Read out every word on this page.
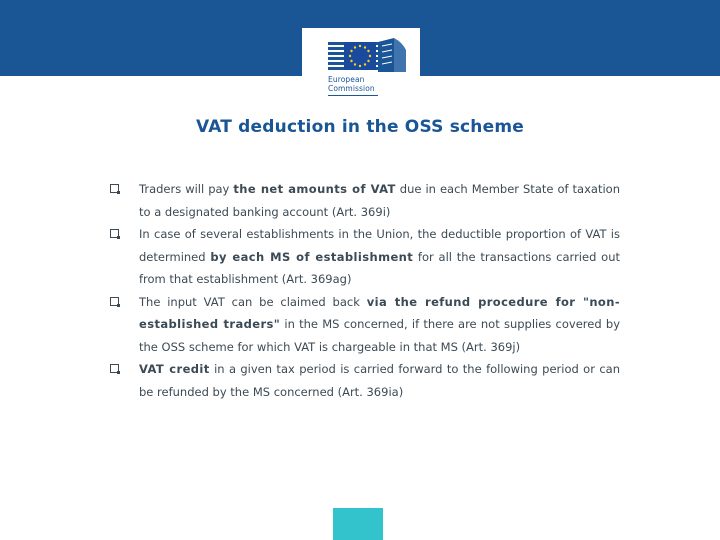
European
Commission
VAT deduction in the OSS scheme
Traders will pay the net amounts of VAT due in each Member State of taxation to a designated banking account (Art. 369i)
In case of several establishments in the Union, the deductible proportion of VAT is determined by each MS of establishment for all the transactions carried out from that establishment (Art. 369ag)
The input VAT can be claimed back via the refund procedure for "non-established traders" in the MS concerned, if there are not supplies covered by the OSS scheme for which VAT is chargeable in that MS (Art. 369j)
VAT credit in a given tax period is carried forward to the following period or can be refunded by the MS concerned (Art. 369ia)
